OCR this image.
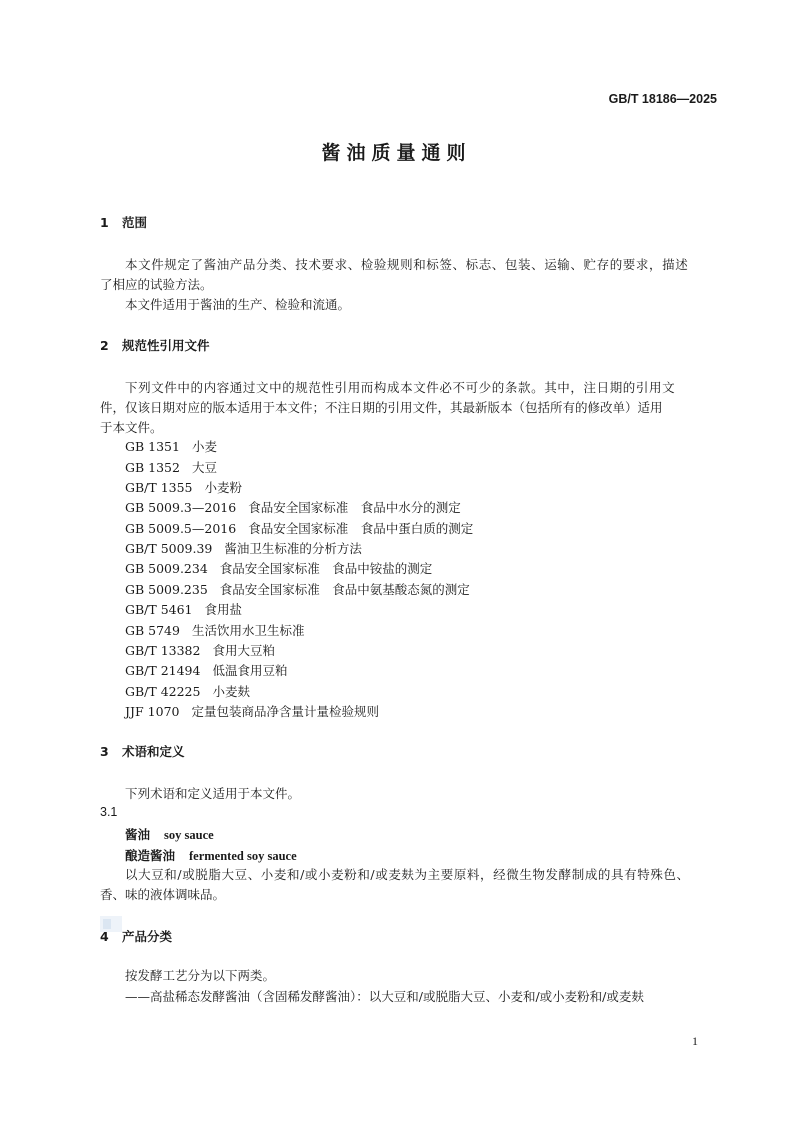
GB/T 18186—2025
酱油质量通则
1 范围
本文件规定了酱油产品分类、技术要求、检验规则和标签、标志、包装、运输、贮存的要求，描述
了相应的试验方法。
本文件适用于酱油的生产、检验和流通。
2 规范性引用文件
下列文件中的内容通过文中的规范性引用而构成本文件必不可少的条款。其中，注日期的引用文
件，仅该日期对应的版本适用于本文件；不注日期的引用文件，其最新版本（包括所有的修改单）适用
于本文件。
GB 1351 小麦
GB 1352 大豆
GB/T 1355 小麦粉
GB 5009.3—2016 食品安全国家标准　食品中水分的测定
GB 5009.5—2016 食品安全国家标准　食品中蛋白质的测定
GB/T 5009.39 酱油卫生标准的分析方法
GB 5009.234 食品安全国家标准　食品中铵盐的测定
GB 5009.235 食品安全国家标准　食品中氨基酸态氮的测定
GB/T 5461 食用盐
GB 5749 生活饮用水卫生标准
GB/T 13382 食用大豆粕
GB/T 21494 低温食用豆粕
GB/T 42225 小麦麸
JJF 1070 定量包装商品净含量计量检验规则
3 术语和定义
下列术语和定义适用于本文件。
3.1
酱油 soy sauce
酿造酱油 fermented soy sauce
以大豆和/或脱脂大豆、小麦和/或小麦粉和/或麦麸为主要原料，经微生物发酵制成的具有特殊色、
香、味的液体调味品。
4 产品分类
按发酵工艺分为以下两类。
——高盐稀态发酵酱油（含固稀发酵酱油）：以大豆和/或脱脂大豆、小麦和/或小麦粉和/或麦麸
1
